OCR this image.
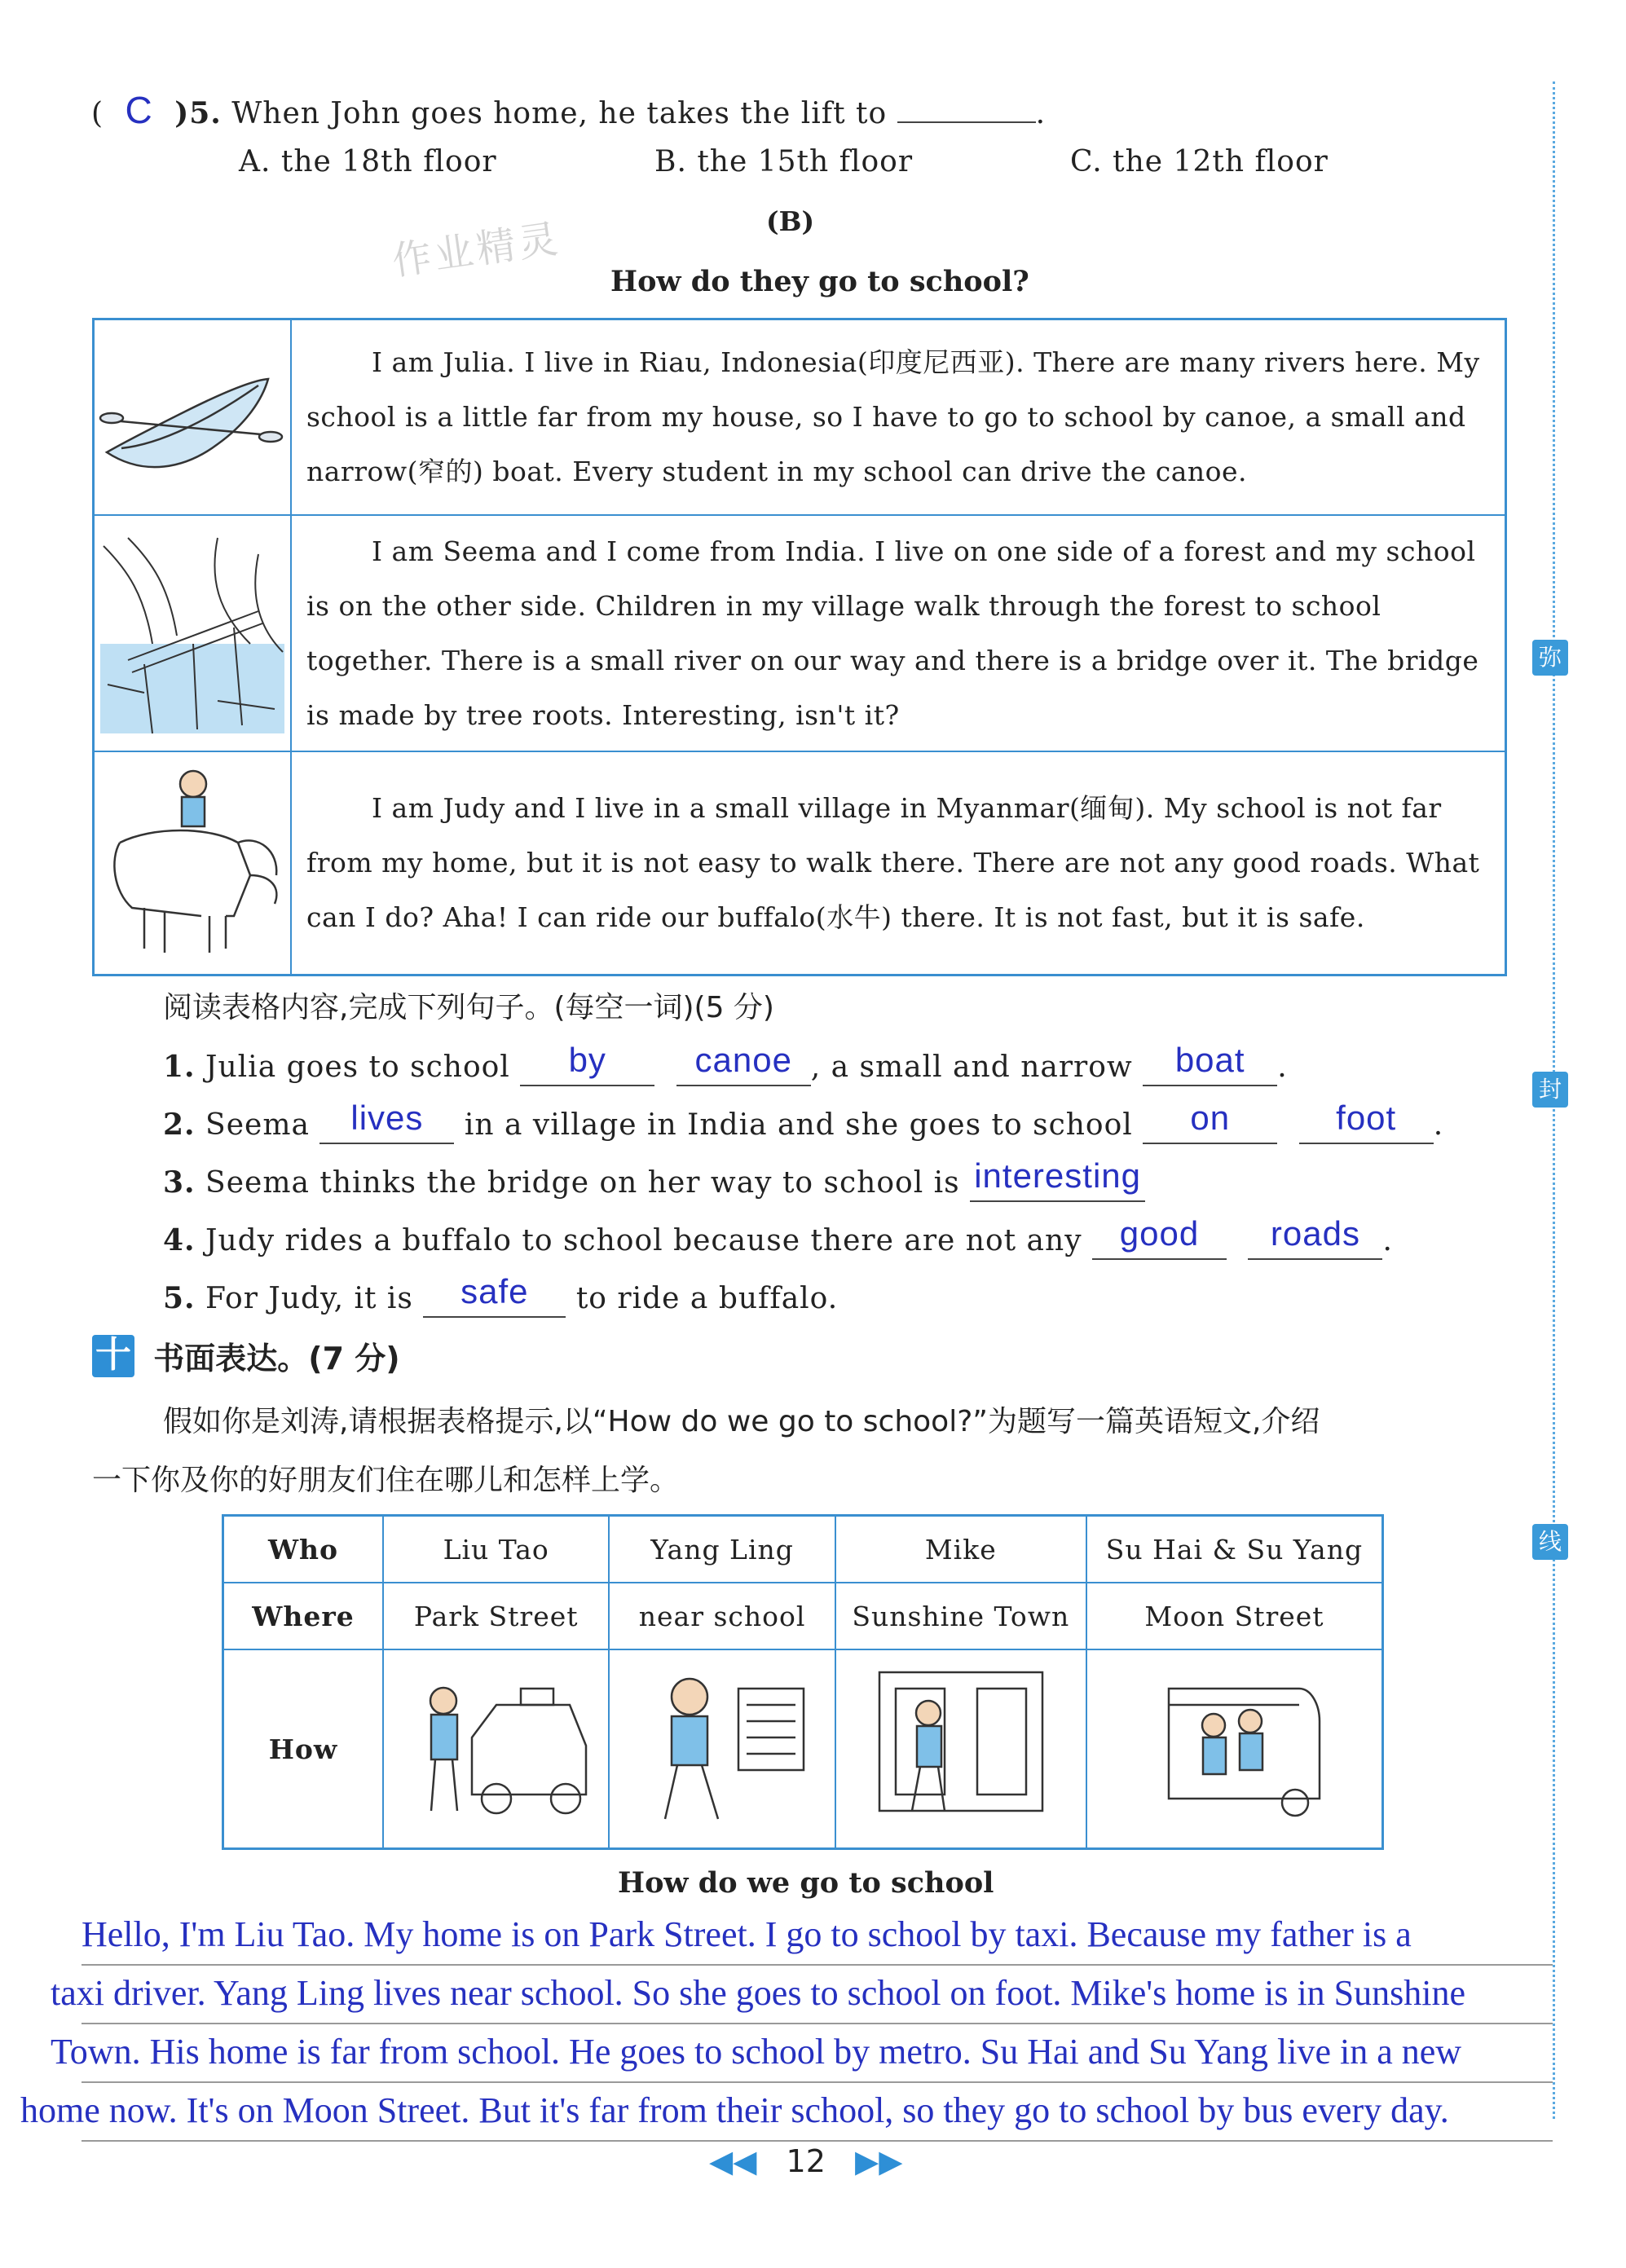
( C )5. When John goes home, he takes the lift to	.
A. the 18th floor	B. the 15th floor	C. the 12th floor
(B)
作业精灵 How do they go to school?
	I am Julia. I live in Riau, Indonesia(印度尼西亚). There are many rivers here. My school is a little far from my house, so I have to go to school by canoe, a small and narrow(窄的) boat. Every student in my school can drive the canoe.
	I am Seema and I come from India. I live on one side of a forest and my school is on the other side. Children in my village walk through the forest to school together. There is a small river on our way and there is a bridge over it. The bridge is made by tree roots. Interesting, isn't it?
	I am Judy and I live in a small village in Myanmar(缅甸). My school is not far from my home, but it is not easy to walk there. There are not any good roads. What can I do? Aha! I can ride our buffalo(水牛) there. It is not fast, but it is safe.
阅读表格内容,完成下列句子。(每空一词)(5 分)
1. Julia goes to school by	canoe , a small and narrow boat .
2. Seema lives in a village in India and she goes to school on	foot .
3. Seema thinks the bridge on her way to school is interesting
4. Judy rides a buffalo to school because there are not any good roads .
5. For Judy, it is safe to ride a buffalo.
十 书面表达。(7 分)
假如你是刘涛,请根据表格提示,以“How do we go to school?”为题写一篇英语短文,介绍
一下你及你的好朋友们住在哪儿和怎样上学。
Who	Liu Tao	Yang Ling	Mike	Su Hai & Su Yang
Where	Park Street	near school	Sunshine Town	Moon Street
How				
How do we go to school
Hello, I'm Liu Tao. My home is on Park Street. I go to school by taxi. Because my father is a
taxi driver. Yang Ling lives near school. So she goes to school on foot. Mike's home is in Sunshine
Town. His home is far from school. He goes to school by metro. Su Hai and Su Yang live in a new
home now. It's on Moon Street. But it's far from their school, so they go to school by bus every day.
◀◀ 12 ▶▶
弥
封
线
